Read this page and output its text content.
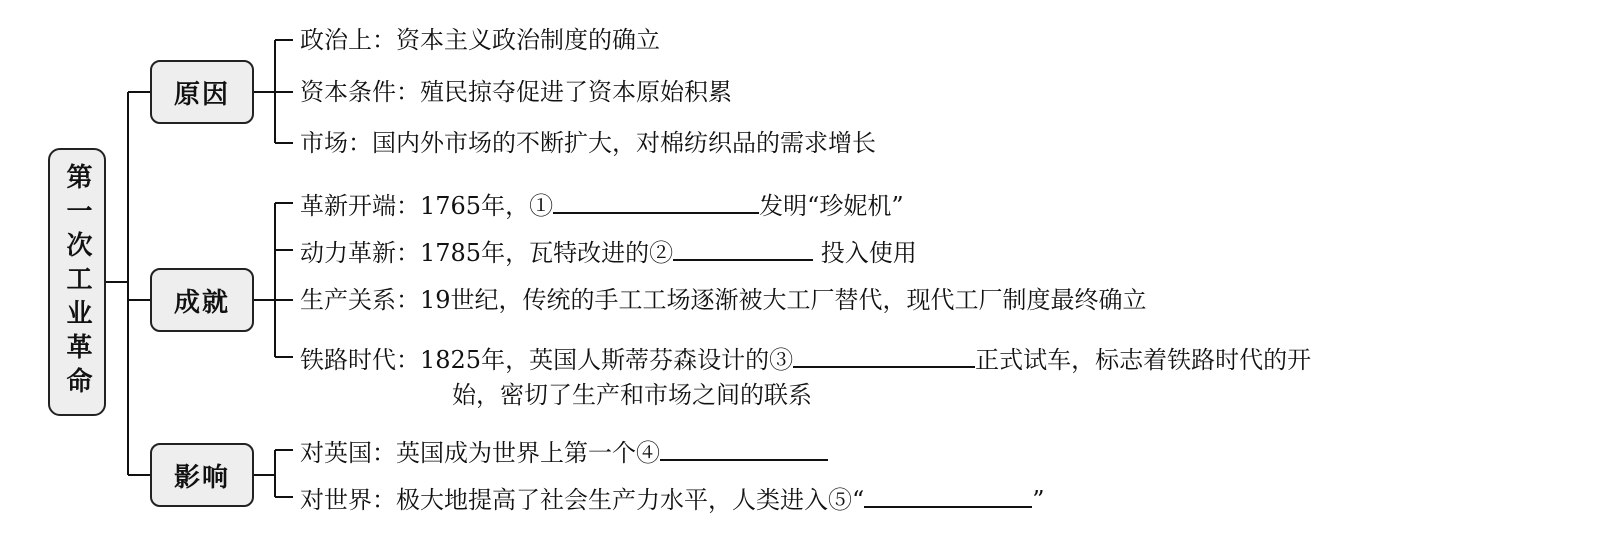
第一次工业革命
原因
成就
影响
政治上：资本主义政治制度的确立
资本条件：殖民掠夺促进了资本原始积累
市场：国内外市场的不断扩大，对棉纺织品的需求增长
革新开端：1765年，①	发明“珍妮机”
动力革新：1785年，瓦特改进的②	投入使用
生产关系：19世纪，传统的手工工场逐渐被大工厂替代，现代工厂制度最终确立
铁路时代：1825年，英国人斯蒂芬森设计的③	正式试车，标志着铁路时代的开
始，密切了生产和市场之间的联系
对英国：英国成为世界上第一个④
对世界：极大地提高了社会生产力水平，人类进入⑤“	”
